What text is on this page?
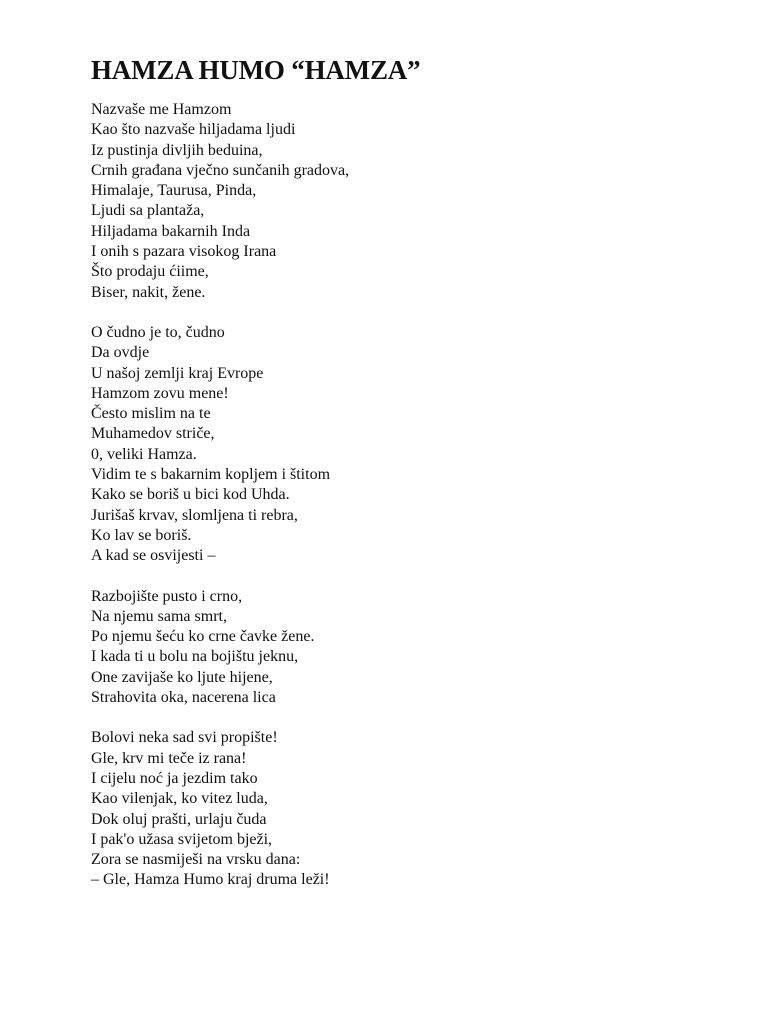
HAMZA HUMO “HAMZA”
Nazvaše me Hamzom
Kao što nazvaše hiljadama ljudi
Iz pustinja divljih beduina,
Crnih građana vječno sunčanih gradova,
Himalaje, Taurusa, Pinda,
Ljudi sa plantaža,
Hiljadama bakarnih Inda
I onih s pazara visokog Irana
Što prodaju ćiime,
Biser, nakit, žene.
O čudno je to, čudno
Da ovdje
U našoj zemlji kraj Evrope
Hamzom zovu mene!
Često mislim na te
Muhamedov striče,
0, veliki Hamza.
Vidim te s bakarnim kopljem i štitom
Kako se boriš u bici kod Uhda.
Jurišaš krvav, slomljena ti rebra,
Ko lav se boriš.
A kad se osvijesti –
Razbojište pusto i crno,
Na njemu sama smrt,
Po njemu šeću ko crne čavke žene.
I kada ti u bolu na bojištu jeknu,
One zavijaše ko ljute hijene,
Strahovita oka, nacerena lica
Bolovi neka sad svi propište!
Gle, krv mi teče iz rana!
I cijelu noć ja jezdim tako
Kao vilenjak, ko vitez luda,
Dok oluj prašti, urlaju čuda
I pak'o užasa svijetom bježi,
Zora se nasmiješi na vrsku dana:
– Gle, Hamza Humo kraj druma leži!
